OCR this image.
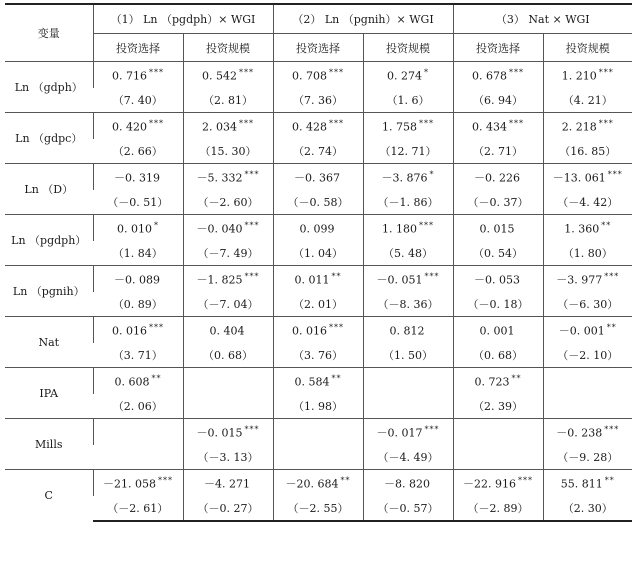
变量	（1） Ln （pgdph）× WGI		（2） Ln （pgnih）× WGI		（3） Nat × WGI	
	投资选择	投资规模	投资选择	投资规模	投资选择	投资规模
Ln （gdph）	0. 716 ***	0. 542 ***	0. 708 ***	0. 274 *	0. 678 ***	1. 210 ***
	（7. 40）	（2. 81）	（7. 36）	（1. 6）	（6. 94）	（4. 21）
Ln （gdpc）	0. 420 ***	2. 034 ***	0. 428 ***	1. 758 ***	0. 434 ***	2. 218 ***
	（2. 66）	（15. 30）	（2. 74）	（12. 71）	（2. 71）	（16. 85）
Ln （D）	－0. 319	－5. 332 ***	－0. 367	－3. 876 *	－0. 226	－13. 061 ***
	（－0. 51）	（－2. 60）	（－0. 58）	（－1. 86）	（－0. 37）	（－4. 42）
Ln （pgdph）	0. 010 *	－0. 040 ***	0. 099	1. 180 ***	0. 015	1. 360 **
	（1. 84）	（－7. 49）	（1. 04）	（5. 48）	（0. 54）	（1. 80）
Ln （pgnih）	－0. 089	－1. 825 ***	0. 011 **	－0. 051 ***	－0. 053	－3. 977 ***
	（0. 89）	（－7. 04）	（2. 01）	（－8. 36）	（－0. 18）	（－6. 30）
Nat	0. 016 ***	0. 404	0. 016 ***	0. 812	0. 001	－0. 001 **
	（3. 71）	（0. 68）	（3. 76）	（1. 50）	（0. 68）	（－2. 10）
IPA	0. 608 **		0. 584 **		0. 723 **	
	（2. 06）		（1. 98）		（2. 39）	
Mills		－0. 015 ***		－0. 017 ***		－0. 238 ***
		（－3. 13）		（－4. 49）		（－9. 28）
C	－21. 058 ***	－4. 271	－20. 684 **	－8. 820	－22. 916 ***	55. 811 **
	（－2. 61）	（－0. 27）	（－2. 55）	（－0. 57）	（－2. 89）	（2. 30）
